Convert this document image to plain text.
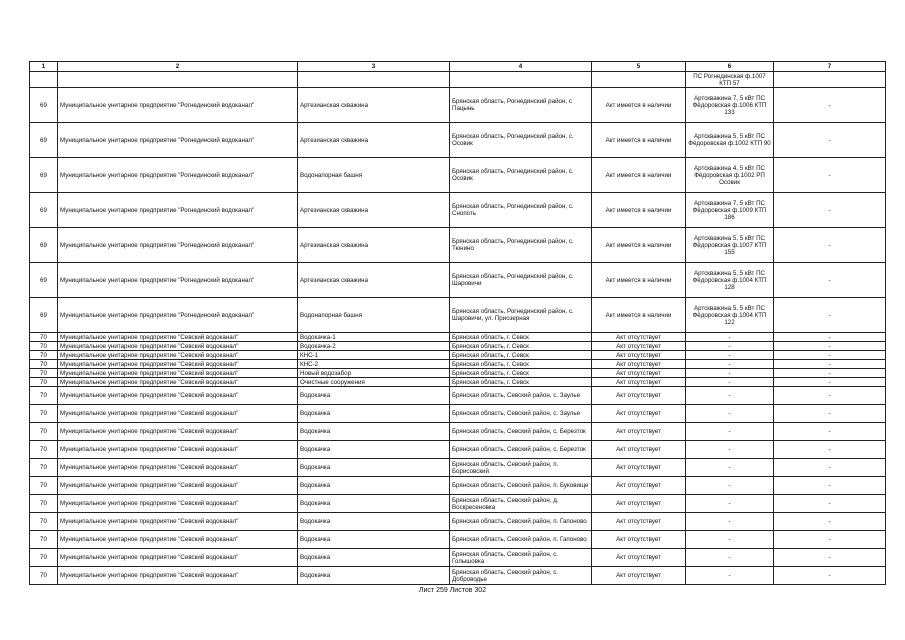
1	2	3	4	5	6	7
					ПС Рогнединская ф.1007 КТП 57	
69	Муниципальное унитарное предприятие "Рогнединский водоканал"	Артезианская скважина	Брянская область, Рогнединский район, с Пацынь	Акт имеется в наличии	Артскважина 7, 5 кВт ПС Фёдоровская ф.1006 КТП 133	-
69	Муниципальное унитарное предприятие "Рогнединский водоканал"	Артезианская скважина	Брянская область, Рогнединский район, с. Осовик	Акт имеется в наличии	Артскважина 5, 5 кВт ПС Фёдоровская ф.1002 КТП 90	-
69	Муниципальное унитарное предприятие "Рогнединский водоканал"	Водонапорная башня	Брянская область, Рогнединский район, с. Осовик	Акт имеется в наличии	Артскважина 4, 5 кВт ПС Фёдоровская ф.1002 РП Осовик	-
69	Муниципальное унитарное предприятие "Рогнединский водоканал"	Артезианская скважина	Брянская область, Рогнединский район, с. Снопоть	Акт имеется в наличии	Артскважина 7, 5 кВт ПС Фёдоровская ф.1009 КТП 186	-
69	Муниципальное унитарное предприятие "Рогнединский водоканал"	Артезианская скважина	Брянская область, Рогнединский район, с. Тюнино	Акт имеется в наличии	Артскважина 5, 5 кВт ПС Фёдоровская ф.1007 КТП 155	-
69	Муниципальное унитарное предприятие "Рогнединский водоканал"	Артезианская скважина	Брянская область, Рогнединский район, с. Шаровичи	Акт имеется в наличии	Артскважина 5, 5 кВт ПС Фёдоровская ф.1004 КТП 128	-
69	Муниципальное унитарное предприятие "Рогнединский водоканал"	Водонапорная башня	Брянская область, Рогнединский район, с. Шаровичи, ул. Приозерная	Акт имеется в наличии	Артскважина 5, 5 кВт ПС Фёдоровская ф.1004 КТП 122	-
70	Муниципальное унитарное предприятие "Севский водоканал"	Водокачка-1	Брянская область, г. Севск	Акт отсутствует	-	-
70	Муниципальное унитарное предприятие "Севский водоканал"	Водокачка-2	Брянская область, г. Севск	Акт отсутствует	-	-
70	Муниципальное унитарное предприятие "Севский водоканал"	КНС-1	Брянская область, г. Севск	Акт отсутствует	-	-
70	Муниципальное унитарное предприятие "Севский водоканал"	КНС-2	Брянская область, г. Севск	Акт отсутствует	-	-
70	Муниципальное унитарное предприятие "Севский водоканал"	Новый водозабор	Брянская область, г. Севск	Акт отсутствует	-	-
70	Муниципальное унитарное предприятие "Севский водоканал"	Очистные сооружения	Брянская область, г. Севск	Акт отсутствует	-	-
70	Муниципальное унитарное предприятие "Севский водоканал"	Водокачка	Брянская область, Севский район, с. Заулье	Акт отсутствует	-	-
70	Муниципальное унитарное предприятие "Севский водоканал"	Водокачка	Брянская область, Севский район, с. Заулье	Акт отсутствует	-	-
70	Муниципальное унитарное предприятие "Севский водоканал"	Водокачка	Брянская область, Севский район, с. Березток	Акт отсутствует	-	-
70	Муниципальное унитарное предприятие "Севский водоканал"	Водокачка	Брянская область, Севский район, с. Березток	Акт отсутствует	-	-
70	Муниципальное унитарное предприятие "Севский водоканал"	Водокачка	Брянская область, Севский район, п. Борисовский	Акт отсутствует	-	-
70	Муниципальное унитарное предприятие "Севский водоканал"	Водокачка	Брянская область, Севский район, п. Буковище	Акт отсутствует	-	-
70	Муниципальное унитарное предприятие "Севский водоканал"	Водокачка	Брянская область, Севский район, д. Воскресеновка	Акт отсутствует	-	-
70	Муниципальное унитарное предприятие "Севский водоканал"	Водокачка	Брянская область, Севский район, п. Гапоново	Акт отсутствует	-	-
70	Муниципальное унитарное предприятие "Севский водоканал"	Водокачка	Брянская область, Севский район, п. Гапоново	Акт отсутствует	-	-
70	Муниципальное унитарное предприятие "Севский водоканал"	Водокачка	Брянская область, Севский район, с. Голышовка	Акт отсутствует	-	-
70	Муниципальное унитарное предприятие "Севский водоканал"	Водокачка	Брянская область, Севский район, с. Доброводье	Акт отсутствует	-	-
Лист 259 Листов 302
